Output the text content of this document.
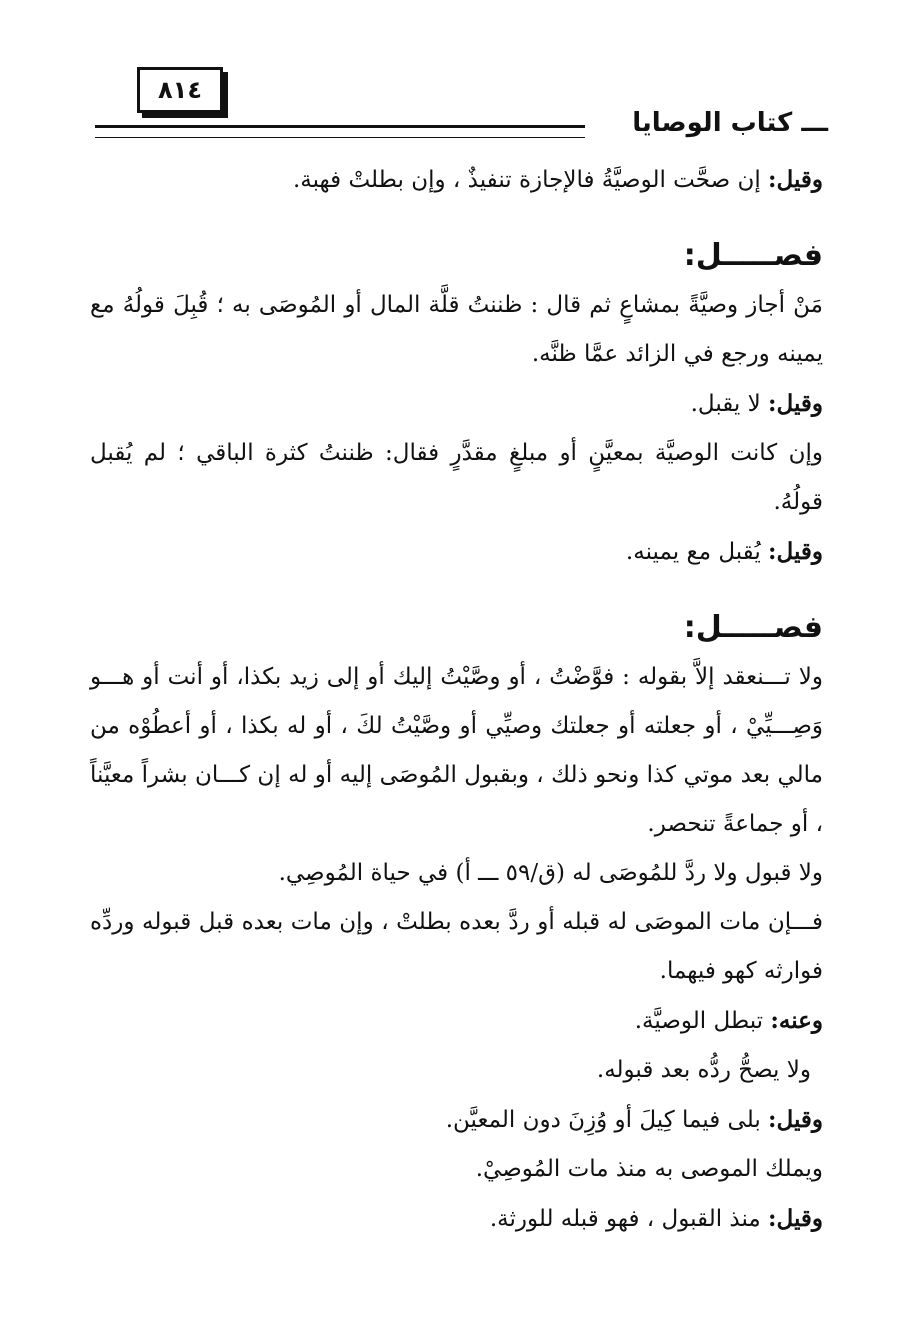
٨١٤
ـــ كتاب الوصايا

وقيل: إن صحَّت الوصيَّةُ فالإجازة تنفيذٌ ، وإن بطلتْ فهبة.

فصـــــل:

مَنْ أجاز وصيَّةً بمشاعٍ ثم قال : ظننتُ قلَّة المال أو المُوصَى به ؛ قُبِلَ قولُهُ مع يمينه ورجع في الزائد عمَّا ظنَّه.

وقيل: لا يقبل.

وإن كانت الوصيَّة بمعيَّنٍ أو مبلغٍ مقدَّرٍ فقال: ظننتُ كثرة الباقي ؛ لم يُقبل قولُهُ.

وقيل: يُقبل مع يمينه.

فصـــــل:

ولا تـــنعقد إلاَّ بقوله : فوَّضْتُ ، أو وصَّيْتُ إليك أو إلى زيد بكذا، أو أنت أو هـــو وَصِـــيِّيْ ، أو جعلته أو جعلتك وصيِّي أو وصَّيْتُ لكَ ، أو له بكذا ، أو أعطُوْه من مالي بعد موتي كذا ونحو ذلك ، وبقبول المُوصَى إليه أو له إن كـــان بشراً معيَّناً ، أو جماعةً تنحصر.

ولا قبول ولا ردَّ للمُوصَى له (ق/٥٩ ـــ أ) في حياة المُوصِي.

فـــإن مات الموصَى له قبله أو ردَّ بعده بطلتْ ، وإن مات بعده قبل قبوله وردِّه فوارثه كهو فيهما.

وعنه: تبطل الوصيَّة.

ولا يصحُّ ردُّه بعد قبوله.

وقيل: بلى فيما كِيلَ أو وُزِنَ دون المعيَّن.

ويملك الموصى به منذ مات المُوصِيْ.

وقيل: منذ القبول ، فهو قبله للورثة.
